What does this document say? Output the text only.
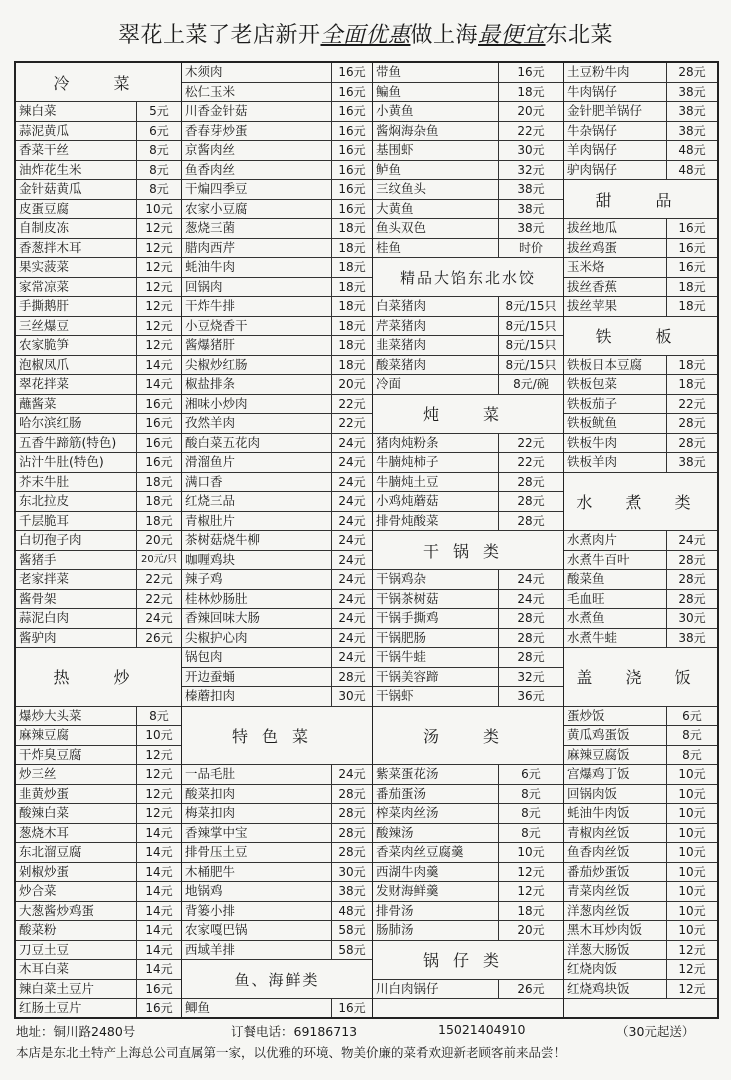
翠花上菜了老店新开全面优惠做上海最便宜东北菜
冷　菜
辣白菜	5元
蒜泥黄瓜	6元
香菜干丝	8元
油炸花生米	8元
金针菇黄瓜	8元
皮蛋豆腐	10元
自制皮冻	12元
香葱拌木耳	12元
果实菠菜	12元
家常凉菜	12元
手撕鹅肝	12元
三丝爆豆	12元
农家脆笋	12元
泡椒凤爪	14元
翠花拌菜	14元
蘸酱菜	16元
哈尔滨红肠	16元
五香牛蹄筋(特色)	16元
沾汁牛肚(特色)	16元
芥末牛肚	18元
东北拉皮	18元
千层脆耳	18元
白切孢子肉	20元
酱猪手	20元/只
老家拌菜	22元
酱骨架	22元
蒜泥白肉	24元
酱驴肉	26元
热　炒
爆炒大头菜	8元
麻辣豆腐	10元
干炸臭豆腐	12元
炒三丝	12元
韭黄炒蛋	12元
酸辣白菜	12元
葱烧木耳	14元
东北溜豆腐	14元
剁椒炒蛋	14元
炒合菜	14元
大葱酱炒鸡蛋	14元
酸菜粉	14元
刀豆土豆	14元
木耳白菜	14元
辣白菜土豆片	16元
红肠土豆片	16元
木须肉	16元
松仁玉米	16元
川香金针菇	16元
香春芽炒蛋	16元
京酱肉丝	16元
鱼香肉丝	16元
干煸四季豆	16元
农家小豆腐	16元
葱烧三菌	18元
腊肉西芹	18元
蚝油牛肉	18元
回锅肉	18元
干炸牛排	18元
小豆烧香干	18元
酱爆猪肝	18元
尖椒炒红肠	18元
椒盐排条	20元
湘味小炒肉	22元
孜然羊肉	22元
酸白菜五花肉	24元
滑溜鱼片	24元
满口香	24元
红烧三品	24元
青椒肚片	24元
茶树菇烧牛柳	24元
咖喱鸡块	24元
辣子鸡	24元
桂林炒肠肚	24元
香辣回味大肠	24元
尖椒护心肉	24元
锅包肉	24元
开边蚕蛹	28元
榛蘑扣肉	30元
特色菜
一品毛肚	24元
酸菜扣肉	28元
梅菜扣肉	28元
香辣掌中宝	28元
排骨压土豆	28元
木桶肥牛	30元
地锅鸡	38元
背篓小排	48元
农家嘎巴锅	58元
西域羊排	58元
鱼、海鲜类
鲫鱼	16元
带鱼	16元
鳊鱼	18元
小黄鱼	20元
酱焖海杂鱼	22元
基围虾	30元
鲈鱼	32元
三纹鱼头	38元
大黄鱼	38元
鱼头双色	38元
桂鱼	时价
精品大馅东北水饺
白菜猪肉	8元/15只
芹菜猪肉	8元/15只
韭菜猪肉	8元/15只
酸菜猪肉	8元/15只
冷面	8元/碗
炖　菜
猪肉炖粉条	22元
牛腩炖柿子	22元
牛腩炖土豆	28元
小鸡炖蘑菇	28元
排骨炖酸菜	28元
干锅类
干锅鸡杂	24元
干锅茶树菇	24元
干锅手撕鸡	28元
干锅肥肠	28元
干锅牛蛙	28元
干锅美容蹄	32元
干锅虾	36元
汤　类
紫菜蛋花汤	6元
番茄蛋汤	8元
榨菜肉丝汤	8元
酸辣汤	8元
香菜肉丝豆腐羹	10元
西湖牛肉羹	12元
发财海鲜羹	12元
排骨汤	18元
肠肺汤	20元
锅仔类
川白肉锅仔	26元
土豆粉牛肉	28元
牛肉锅仔	38元
金针肥羊锅仔	38元
牛杂锅仔	38元
羊肉锅仔	48元
驴肉锅仔	48元
甜　品
拔丝地瓜	16元
拔丝鸡蛋	16元
玉米烙	16元
拔丝香蕉	18元
拔丝苹果	18元
铁　板
铁板日本豆腐	18元
铁板包菜	18元
铁板茄子	22元
铁板鱿鱼	28元
铁板牛肉	28元
铁板羊肉	38元
水 煮 类
水煮肉片	24元
水煮牛百叶	28元
酸菜鱼	28元
毛血旺	28元
水煮鱼	30元
水煮牛蛙	38元
盖 浇 饭
蛋炒饭	6元
黄瓜鸡蛋饭	8元
麻辣豆腐饭	8元
宫爆鸡丁饭	10元
回锅肉饭	10元
蚝油牛肉饭	10元
青椒肉丝饭	10元
鱼香肉丝饭	10元
番茄炒蛋饭	10元
青菜肉丝饭	10元
洋葱肉丝饭	10元
黑木耳炒肉饭	10元
洋葱大肠饭	12元
红烧肉饭	12元
红烧鸡块饭	12元
地址：铜川路2480号	订餐电话：69186713	15021404910	（30元起送）
本店是东北土特产上海总公司直属第一家，以优雅的环境、物美价廉的菜肴欢迎新老顾客前来品尝！
